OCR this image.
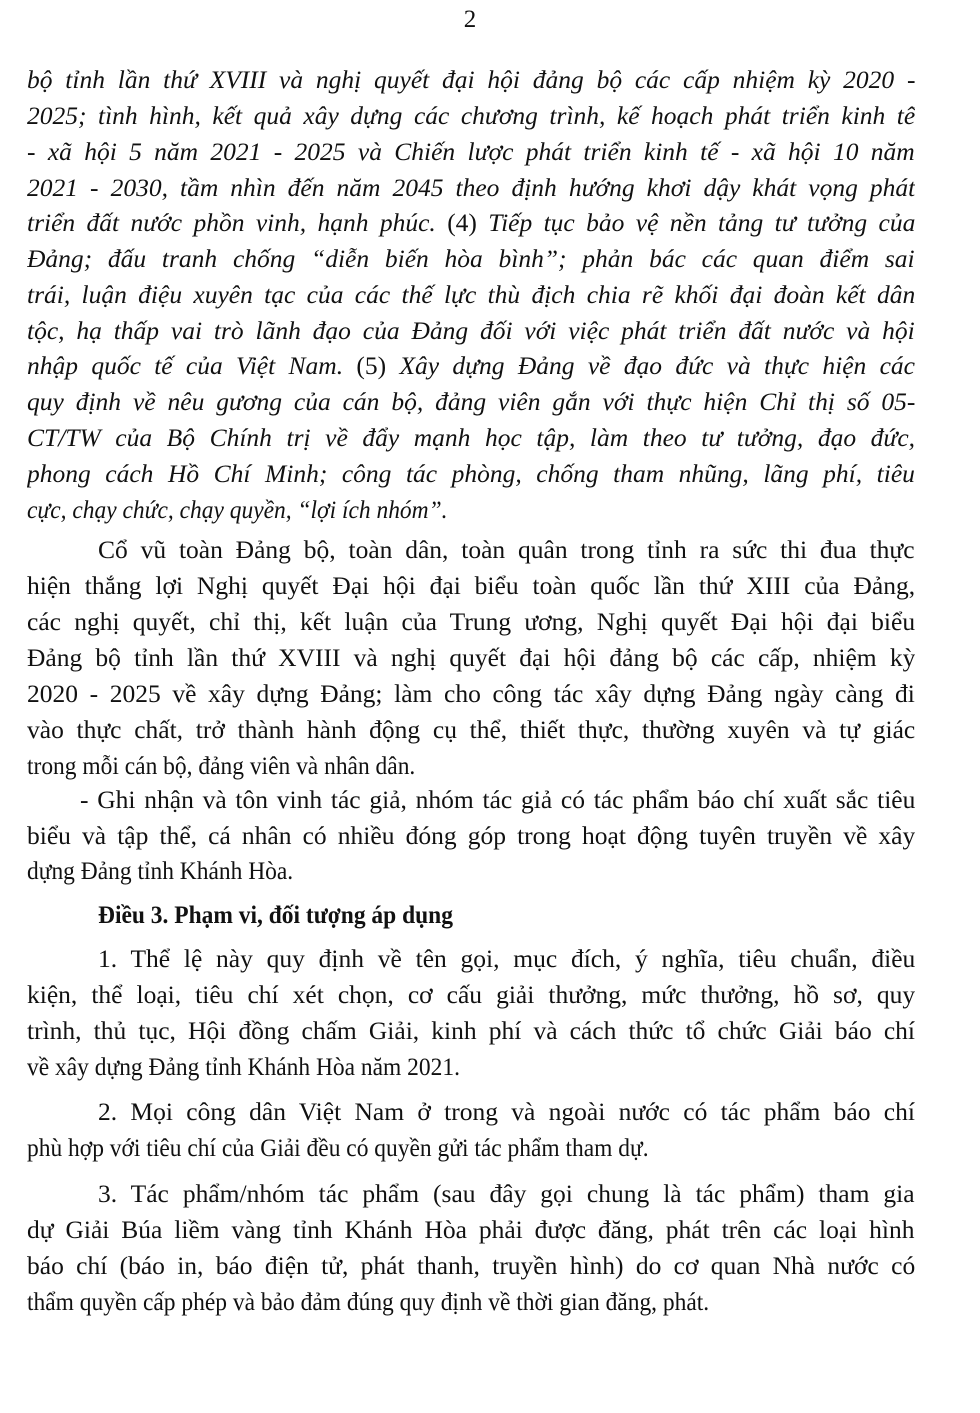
2
bộ tỉnh lần thứ XVIII và nghị quyết đại hội đảng bộ các cấp nhiệm kỳ 2020 -
2025; tình hình, kết quả xây dựng các chương trình, kế hoạch phát triển kinh tế
- xã hội 5 năm 2021 - 2025 và Chiến lược phát triển kinh tế - xã hội 10 năm
2021 - 2030, tầm nhìn đến năm 2045 theo định hướng khơi dậy khát vọng phát
triển đất nước phồn vinh, hạnh phúc. (4) Tiếp tục bảo vệ nền tảng tư tưởng của
Đảng; đấu tranh chống “diễn biến hòa bình”; phản bác các quan điểm sai
trái, luận điệu xuyên tạc của các thế lực thù địch chia rẽ khối đại đoàn kết dân
tộc, hạ thấp vai trò lãnh đạo của Đảng đối với việc phát triển đất nước và hội
nhập quốc tế của Việt Nam. (5) Xây dựng Đảng về đạo đức và thực hiện các
quy định về nêu gương của cán bộ, đảng viên gắn với thực hiện Chỉ thị số 05-
CT/TW của Bộ Chính trị về đẩy mạnh học tập, làm theo tư tưởng, đạo đức,
phong cách Hồ Chí Minh; công tác phòng, chống tham nhũng, lãng phí, tiêu
cực, chạy chức, chạy quyền, “lợi ích nhóm”.
Cổ vũ toàn Đảng bộ, toàn dân, toàn quân trong tỉnh ra sức thi đua thực
hiện thắng lợi Nghị quyết Đại hội đại biểu toàn quốc lần thứ XIII của Đảng,
các nghị quyết, chỉ thị, kết luận của Trung ương, Nghị quyết Đại hội đại biểu
Đảng bộ tỉnh lần thứ XVIII và nghị quyết đại hội đảng bộ các cấp, nhiệm kỳ
2020 - 2025 về xây dựng Đảng; làm cho công tác xây dựng Đảng ngày càng đi
vào thực chất, trở thành hành động cụ thể, thiết thực, thường xuyên và tự giác
trong mỗi cán bộ, đảng viên và nhân dân.
- Ghi nhận và tôn vinh tác giả, nhóm tác giả có tác phẩm báo chí xuất sắc tiêu
biểu và tập thể, cá nhân có nhiều đóng góp trong hoạt động tuyên truyền về xây
dựng Đảng tỉnh Khánh Hòa.
Điều 3. Phạm vi, đối tượng áp dụng
1. Thể lệ này quy định về tên gọi, mục đích, ý nghĩa, tiêu chuẩn, điều
kiện, thể loại, tiêu chí xét chọn, cơ cấu giải thưởng, mức thưởng, hồ sơ, quy
trình, thủ tục, Hội đồng chấm Giải, kinh phí và cách thức tổ chức Giải báo chí
về xây dựng Đảng tỉnh Khánh Hòa năm 2021.
2. Mọi công dân Việt Nam ở trong và ngoài nước có tác phẩm báo chí
phù hợp với tiêu chí của Giải đều có quyền gửi tác phẩm tham dự.
3. Tác phẩm/nhóm tác phẩm (sau đây gọi chung là tác phẩm) tham gia
dự Giải Búa liềm vàng tỉnh Khánh Hòa phải được đăng, phát trên các loại hình
báo chí (báo in, báo điện tử, phát thanh, truyền hình) do cơ quan Nhà nước có
thẩm quyền cấp phép và bảo đảm đúng quy định về thời gian đăng, phát.
